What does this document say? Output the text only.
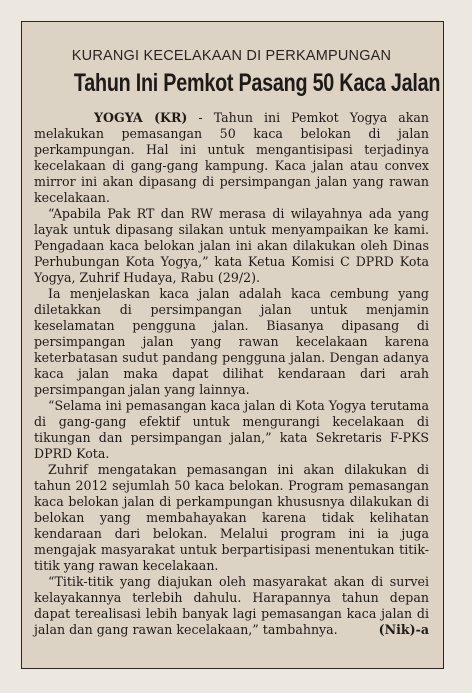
KURANGI KECELAKAAN DI PERKAMPUNGAN
Tahun Ini Pemkot Pasang 50 Kaca Jalan

YOGYA (KR) - Tahun ini Pemkot Yogya akan melakukan pemasangan 50 kaca belokan di jalan perkampungan. Hal ini untuk mengantisipasi terjadinya kecelakaan di gang-gang kampung. Kaca jalan atau convex mirror ini akan dipasang di persimpangan jalan yang rawan kecelakaan.

“Apabila Pak RT dan RW merasa di wilayahnya ada yang layak untuk dipasang silakan untuk menyampaikan ke kami. Pengadaan kaca belokan jalan ini akan dilakukan oleh Dinas Perhubungan Kota Yogya,” kata Ketua Komisi C DPRD Kota Yogya, Zuhrif Hudaya, Rabu (29/2).

Ia menjelaskan kaca jalan adalah kaca cembung yang diletakkan di persimpangan jalan untuk menjamin keselamatan pengguna jalan. Biasanya dipasang di persimpangan jalan yang rawan kecelakaan karena keterbatasan sudut pandang pengguna jalan. Dengan adanya kaca jalan maka dapat dilihat kendaraan dari arah persimpangan jalan yang lainnya.

“Selama ini pemasangan kaca jalan di Kota Yogya terutama di gang-gang efektif untuk mengurangi kecelakaan di tikungan dan persimpangan jalan,” kata Sekretaris F-PKS DPRD Kota.

Zuhrif mengatakan pemasangan ini akan dilakukan di tahun 2012 sejumlah 50 kaca belokan. Program pemasangan kaca belokan jalan di perkampungan khususnya dilakukan di belokan yang membahayakan karena tidak kelihatan kendaraan dari belokan. Melalui program ini ia juga mengajak masyarakat untuk berpartisipasi menentukan titik-titik yang rawan kecelakaan.

“Titik-titik yang diajukan oleh masyarakat akan di survei kelayakannya terlebih dahulu. Harapannya tahun depan dapat terealisasi lebih banyak lagi pemasangan kaca jalan di jalan dan gang rawan kecelakaan,” tambahnya.	(Nik)-a
